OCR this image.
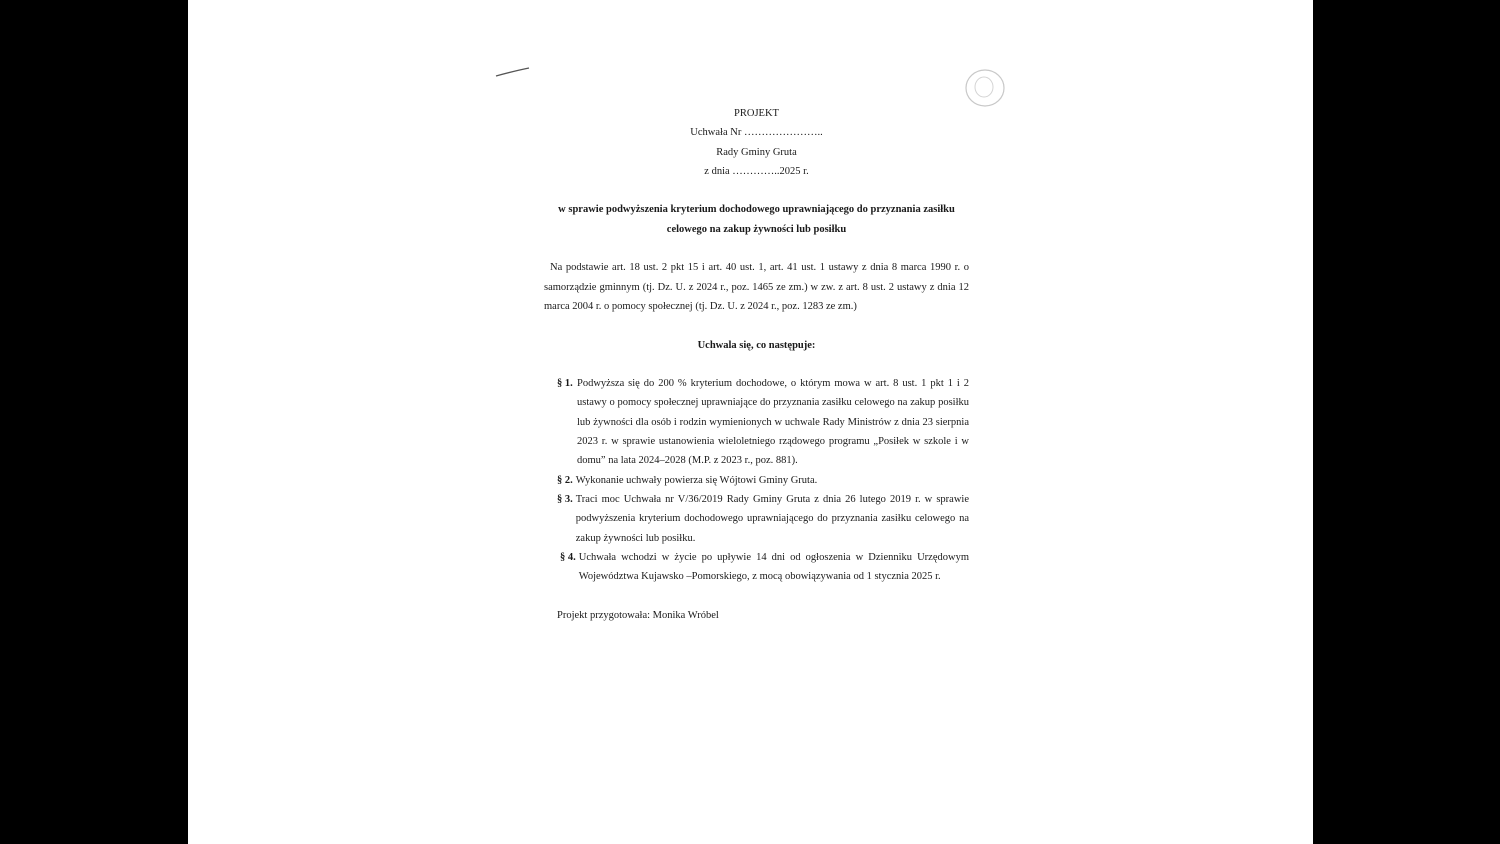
PROJEKT
Uchwała Nr …………………..
Rady Gminy Gruta
z dnia …………..2025 r.
w sprawie podwyższenia kryterium dochodowego uprawniającego do przyznania zasiłku
celowego na zakup żywności lub posiłku
Na podstawie art. 18 ust. 2 pkt 15 i art. 40 ust. 1, art. 41 ust. 1 ustawy z dnia 8 marca 1990 r. o samorządzie gminnym (tj. Dz. U. z 2024 r., poz. 1465 ze zm.) w zw. z art. 8 ust. 2 ustawy z dnia 12 marca 2004 r. o pomocy społecznej (tj. Dz. U. z 2024 r., poz. 1283 ze zm.)
Uchwala się, co następuje:
§ 1. Podwyższa się do 200 % kryterium dochodowe, o którym mowa w art. 8 ust. 1 pkt 1 i 2 ustawy o pomocy społecznej uprawniające do przyznania zasiłku celowego na zakup posiłku lub żywności dla osób i rodzin wymienionych w uchwale Rady Ministrów z dnia 23 sierpnia 2023 r. w sprawie ustanowienia wieloletniego rządowego programu „Posiłek w szkole i w domu” na lata 2024–2028 (M.P. z 2023 r., poz. 881).
§ 2. Wykonanie uchwały powierza się Wójtowi Gminy Gruta.
§ 3. Traci moc Uchwała nr V/36/2019 Rady Gminy Gruta z dnia 26 lutego 2019 r. w sprawie podwyższenia kryterium dochodowego uprawniającego do przyznania zasiłku celowego na zakup żywności lub posiłku.
§ 4. Uchwała wchodzi w życie po upływie 14 dni od ogłoszenia w Dzienniku Urzędowym Województwa Kujawsko –Pomorskiego, z mocą obowiązywania od 1 stycznia 2025 r.
Projekt przygotowała: Monika Wróbel
